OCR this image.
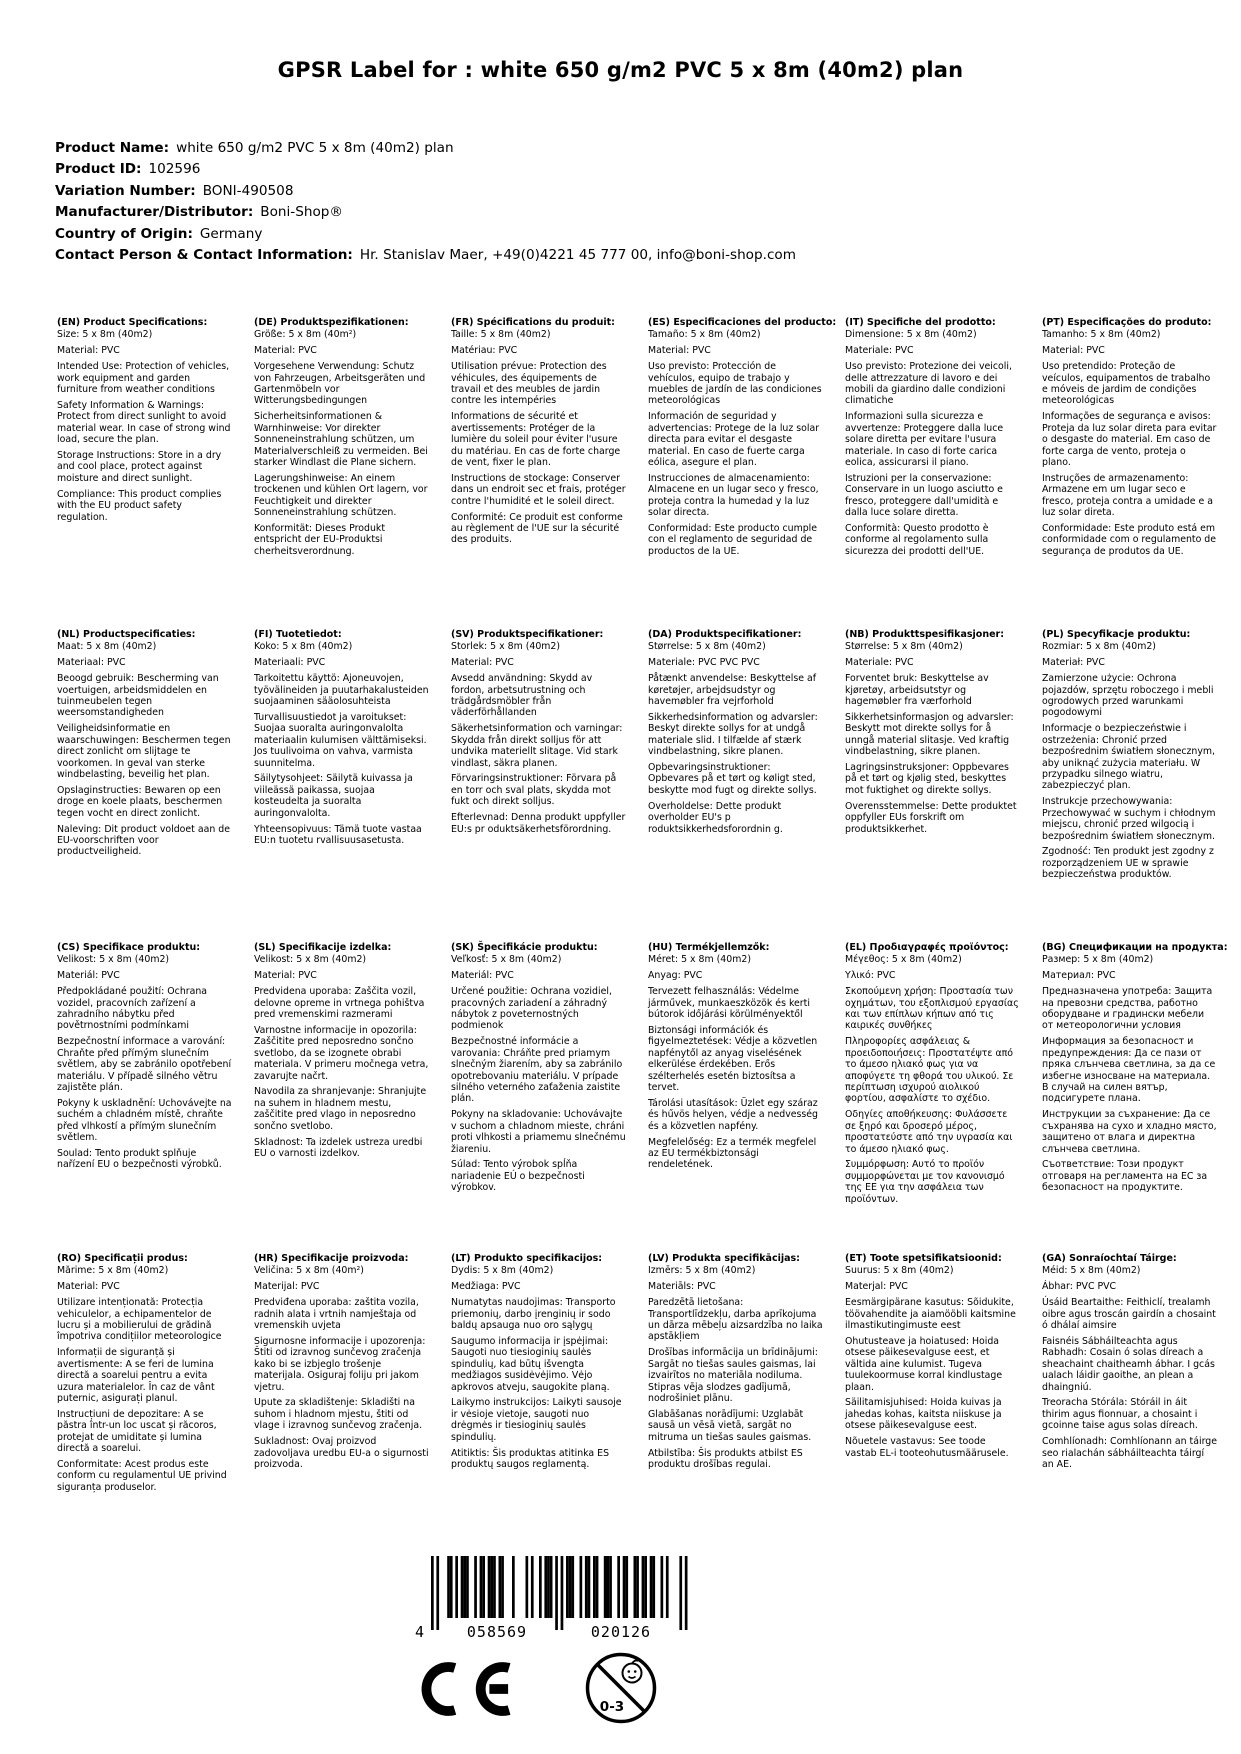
GPSR Label for : white 650 g/m2 PVC 5 x 8m (40m2) plan
Product Name: white 650 g/m2 PVC 5 x 8m (40m2) plan
Product ID: 102596
Variation Number: BONI-490508
Manufacturer/Distributor: Boni-Shop®
Country of Origin: Germany
Contact Person & Contact Information: Hr. Stanislav Maer, +49(0)4221 45 777 00, info@boni-shop.com
(EN) Product Specifications:

Size: 5 x 8m (40m2)

Material: PVC

Intended Use: Protection of vehicles, work equipment and garden furniture from weather conditions

Safety Information & Warnings: Protect from direct sunlight to avoid material wear. In case of strong wind load, secure the plan.

Storage Instructions: Store in a dry and cool place, protect against moisture and direct sunlight.

Compliance: This product complies with the EU product safety regulation.

(DE) Produktspezifikationen:

Größe: 5 x 8m (40m²)

Material: PVC

Vorgesehene Verwendung: Schutz von Fahrzeugen, Arbeitsgeräten und Gartenmöbeln vor Witterungsbedingungen

Sicherheitsinformationen & Warnhinweise: Vor direkter Sonneneinstrahlung schützen, um Materialverschleiß zu vermeiden. Bei starker Windlast die Plane sichern.

Lagerungshinweise: An einem trockenen und kühlen Ort lagern, vor Feuchtigkeit und direkter Sonneneinstrahlung schützen.

Konformität: Dieses Produkt entspricht der EU-Produktsi cherheitsverordnung.

(FR) Spécifications du produit:

Taille: 5 x 8m (40m2)

Matériau: PVC

Utilisation prévue: Protection des véhicules, des équipements de travail et des meubles de jardin contre les intempéries

Informations de sécurité et avertissements: Protéger de la lumière du soleil pour éviter l'usure du matériau. En cas de forte charge de vent, fixer le plan.

Instructions de stockage: Conserver dans un endroit sec et frais, protéger contre l'humidité et le soleil direct.

Conformité: Ce produit est conforme au règlement de l'UE sur la sécurité des produits.

(ES) Especificaciones del producto:

Tamaño: 5 x 8m (40m2)

Material: PVC

Uso previsto: Protección de vehículos, equipo de trabajo y muebles de jardín de las condiciones meteorológicas

Información de seguridad y advertencias: Protege de la luz solar directa para evitar el desgaste material. En caso de fuerte carga eólica, asegure el plan.

Instrucciones de almacenamiento: Almacene en un lugar seco y fresco, proteja contra la humedad y la luz solar directa.

Conformidad: Este producto cumple con el reglamento de seguridad de productos de la UE.

(IT) Specifiche del prodotto:

Dimensione: 5 x 8m (40m2)

Materiale: PVC

Uso previsto: Protezione dei veicoli, delle attrezzature di lavoro e dei mobili da giardino dalle condizioni climatiche

Informazioni sulla sicurezza e avvertenze: Proteggere dalla luce solare diretta per evitare l'usura materiale. In caso di forte carica eolica, assicurarsi il piano.

Istruzioni per la conservazione: Conservare in un luogo asciutto e fresco, proteggere dall'umidità e dalla luce solare diretta.

Conformità: Questo prodotto è conforme al regolamento sulla sicurezza dei prodotti dell'UE.

(PT) Especificações do produto:

Tamanho: 5 x 8m (40m2)

Material: PVC

Uso pretendido: Proteção de veículos, equipamentos de trabalho e móveis de jardim de condições meteorológicas

Informações de segurança e avisos: Proteja da luz solar direta para evitar o desgaste do material. Em caso de forte carga de vento, proteja o plano.

Instruções de armazenamento: Armazene em um lugar seco e fresco, proteja contra a umidade e a luz solar direta.

Conformidade: Este produto está em conformidade com o regulamento de segurança de produtos da UE.

(NL) Productspecificaties:

Maat: 5 x 8m (40m2)

Materiaal: PVC

Beoogd gebruik: Bescherming van voertuigen, arbeidsmiddelen en tuinmeubelen tegen weersomstandigheden

Veiligheidsinformatie en waarschuwingen: Beschermen tegen direct zonlicht om slijtage te voorkomen. In geval van sterke windbelasting, beveilig het plan.

Opslaginstructies: Bewaren op een droge en koele plaats, beschermen tegen vocht en direct zonlicht.

Naleving: Dit product voldoet aan de EU-voorschriften voor productveiligheid.

(FI) Tuotetiedot:

Koko: 5 x 8m (40m2)

Materiaali: PVC

Tarkoitettu käyttö: Ajoneuvojen, työvälineiden ja puutarhakalusteiden suojaaminen sääolosuhteista

Turvallisuustiedot ja varoitukset: Suojaa suoralta auringonvalolta materiaalin kulumisen välttämiseksi. Jos tuulivoima on vahva, varmista suunnitelma.

Säilytysohjeet: Säilytä kuivassa ja viileässä paikassa, suojaa kosteudelta ja suoralta auringonvalolta.

Yhteensopivuus: Tämä tuote vastaa EU:n tuotetu rvallisuusasetusta.

(SV) Produktspecifikationer:

Storlek: 5 x 8m (40m2)

Material: PVC

Avsedd användning: Skydd av fordon, arbetsutrustning och trädgårdsmöbler från väderförhållanden

Säkerhetsinformation och varningar: Skydda från direkt solljus för att undvika materiellt slitage. Vid stark vindlast, säkra planen.

Förvaringsinstruktioner: Förvara på en torr och sval plats, skydda mot fukt och direkt solljus.

Efterlevnad: Denna produkt uppfyller EU:s pr oduktsäkerhetsförordning.

(DA) Produktspecifikationer:

Størrelse: 5 x 8m (40m2)

Materiale: PVC PVC PVC

Påtænkt anvendelse: Beskyttelse af køretøjer, arbejdsudstyr og havemøbler fra vejrforhold

Sikkerhedsinformation og advarsler: Beskyt direkte sollys for at undgå materiale slid. I tilfælde af stærk vindbelastning, sikre planen.

Opbevaringsinstruktioner: Opbevares på et tørt og køligt sted, beskytte mod fugt og direkte sollys.

Overholdelse: Dette produkt overholder EU's p roduktsikkerhedsforordnin g.

(NB) Produkttspesifikasjoner:

Størrelse: 5 x 8m (40m2)

Materiale: PVC

Forventet bruk: Beskyttelse av kjøretøy, arbeidsutstyr og hagemøbler fra værforhold

Sikkerhetsinformasjon og advarsler: Beskytt mot direkte sollys for å unngå material slitasje. Ved kraftig vindbelastning, sikre planen.

Lagringsinstruksjoner: Oppbevares på et tørt og kjølig sted, beskyttes mot fuktighet og direkte sollys.

Overensstemmelse: Dette produktet oppfyller EUs forskrift om produktsikkerhet.

(PL) Specyfikacje produktu:

Rozmiar: 5 x 8m (40m2)

Materiał: PVC

Zamierzone użycie: Ochrona pojazdów, sprzętu roboczego i mebli ogrodowych przed warunkami pogodowymi

Informacje o bezpieczeństwie i ostrzeżenia: Chronić przed bezpośrednim światłem słonecznym, aby uniknąć zużycia materiału. W przypadku silnego wiatru, zabezpieczyć plan.

Instrukcje przechowywania: Przechowywać w suchym i chłodnym miejscu, chronić przed wilgocią i bezpośrednim światłem słonecznym.

Zgodność: Ten produkt jest zgodny z rozporządzeniem UE w sprawie bezpieczeństwa produktów.

(CS) Specifikace produktu:

Velikost: 5 x 8m (40m2)

Materiál: PVC

Předpokládané použití: Ochrana vozidel, pracovních zařízení a zahradního nábytku před povětrnostními podmínkami

Bezpečnostní informace a varování: Chraňte před přímým slunečním světlem, aby se zabránilo opotřebení materiálu. V případě silného větru zajistěte plán.

Pokyny k uskladnění: Uchovávejte na suchém a chladném místě, chraňte před vlhkostí a přímým slunečním světlem.

Soulad: Tento produkt splňuje nařízení EU o bezpečnosti výrobků.

(SL) Specifikacije izdelka:

Velikost: 5 x 8m (40m2)

Material: PVC

Predvidena uporaba: Zaščita vozil, delovne opreme in vrtnega pohištva pred vremenskimi razmerami

Varnostne informacije in opozorila: Zaščitite pred neposredno sončno svetlobo, da se izognete obrabi materiala. V primeru močnega vetra, zavarujte načrt.

Navodila za shranjevanje: Shranjujte na suhem in hladnem mestu, zaščitite pred vlago in neposredno sončno svetlobo.

Skladnost: Ta izdelek ustreza uredbi EU o varnosti izdelkov.

(SK) Špecifikácie produktu:

Veľkosť: 5 x 8m (40m2)

Materiál: PVC

Určené použitie: Ochrana vozidiel, pracovných zariadení a záhradný nábytok z poveternostných podmienok

Bezpečnostné informácie a varovania: Chráňte pred priamym slnečným žiarením, aby sa zabránilo opotrebovaniu materiálu. V prípade silného veterného zaťaženia zaistite plán.

Pokyny na skladovanie: Uchovávajte v suchom a chladnom mieste, chráni proti vlhkosti a priamemu slnečnému žiareniu.

Súlad: Tento výrobok spĺňa nariadenie EÚ o bezpečnosti výrobkov.

(HU) Termékjellemzők:

Méret: 5 x 8m (40m2)

Anyag: PVC

Tervezett felhasználás: Védelme járművek, munkaeszközök és kerti bútorok időjárási körülményektől

Biztonsági információk és figyelmeztetések: Védje a közvetlen napfénytől az anyag viselésének elkerülése érdekében. Erős szélterhelés esetén biztosítsa a tervet.

Tárolási utasítások: Üzlet egy száraz és hűvös helyen, védje a nedvesség és a közvetlen napfény.

Megfelelőség: Ez a termék megfelel az EU termékbiztonsági rendeletének.

(EL) Προδιαγραφές προϊόντος:

Μέγεθος: 5 x 8m (40m2)

Υλικό: PVC

Σκοπούμενη χρήση: Προστασία των οχημάτων, του εξοπλισμού εργασίας και των επίπλων κήπων από τις καιρικές συνθήκες

Πληροφορίες ασφάλειας & προειδοποιήσεις: Προστατέψτε από το άμεσο ηλιακό φως για να αποφύγετε τη φθορά του υλικού. Σε περίπτωση ισχυρού αιολικού φορτίου, ασφαλίστε το σχέδιο.

Οδηγίες αποθήκευσης: Φυλάσσετε σε ξηρό και δροσερό μέρος, προστατεύστε από την υγρασία και το άμεσο ηλιακό φως.

Συμμόρφωση: Αυτό το προϊόν συμμορφώνεται με τον κανονισμό της ΕΕ για την ασφάλεια των προϊόντων.

(BG) Спецификации на продукта:

Размер: 5 x 8m (40m2)

Материал: PVC

Предназначена употреба: Защита на превозни средства, работно оборудване и градински мебели от метеорологични условия

Информация за безопасност и предупреждения: Да се пази от пряка слънчева светлина, за да се избегне износване на материала. В случай на силен вятър, подсигурете плана.

Инструкции за съхранение: Да се съхранява на сухо и хладно място, защитено от влага и директна слънчева светлина.

Съответствие: Този продукт отговаря на регламента на ЕС за безопасност на продуктите.

(RO) Specificații produs:

Mărime: 5 x 8m (40m2)

Material: PVC

Utilizare intenționată: Protecția vehiculelor, a echipamentelor de lucru și a mobilierului de grădină împotriva condițiilor meteorologice

Informații de siguranță și avertismente: A se feri de lumina directă a soarelui pentru a evita uzura materialelor. În caz de vânt puternic, asigurați planul.

Instrucțiuni de depozitare: A se păstra într-un loc uscat și răcoros, protejat de umiditate și lumina directă a soarelui.

Conformitate: Acest produs este conform cu regulamentul UE privind siguranța produselor.

(HR) Specifikacije proizvoda:

Veličina: 5 x 8m (40m²)

Materijal: PVC

Predviđena uporaba: zaštita vozila, radnih alata i vrtnih namještaja od vremenskih uvjeta

Sigurnosne informacije i upozorenja: Štiti od izravnog sunčevog zračenja kako bi se izbjeglo trošenje materijala. Osiguraj foliju pri jakom vjetru.

Upute za skladištenje: Skladišti na suhom i hladnom mjestu, štiti od vlage i izravnog sunčevog zračenja.

Sukladnost: Ovaj proizvod zadovoljava uredbu EU-a o sigurnosti proizvoda.

(LT) Produkto specifikacijos:

Dydis: 5 x 8m (40m2)

Medžiaga: PVC

Numatytas naudojimas: Transporto priemonių, darbo įrenginių ir sodo baldų apsauga nuo oro sąlygų

Saugumo informacija ir įspėjimai: Saugoti nuo tiesioginių saulės spindulių, kad būtų išvengta medžiagos susidėvėjimo. Vėjo apkrovos atveju, saugokite planą.

Laikymo instrukcijos: Laikyti sausoje ir vėsioje vietoje, saugoti nuo drėgmės ir tiesioginių saulės spindulių.

Atitiktis: Šis produktas atitinka ES produktų saugos reglamentą.

(LV) Produkta specifikācijas:

Izmērs: 5 x 8m (40m2)

Materiāls: PVC

Paredzētā lietošana: Transportlīdzekļu, darba aprīkojuma un dārza mēbeļu aizsardzība no laika apstākļiem

Drošības informācija un brīdinājumi: Sargāt no tiešas saules gaismas, lai izvairītos no materiāla nodiluma. Stipras vēja slodzes gadījumā, nodrošiniet plānu.

Glabāšanas norādījumi: Uzglabāt sausā un vēsā vietā, sargāt no mitruma un tiešas saules gaismas.

Atbilstība: Šis produkts atbilst ES produktu drošības regulai.

(ET) Toote spetsifikatsioonid:

Suurus: 5 x 8m (40m2)

Materjal: PVC

Eesmärgipärane kasutus: Sõidukite, töövahendite ja aiamööbli kaitsmine ilmastikutingimuste eest

Ohutusteave ja hoiatused: Hoida otsese päikesevalguse eest, et vältida aine kulumist. Tugeva tuulekoormuse korral kindlustage plaan.

Säilitamisjuhised: Hoida kuivas ja jahedas kohas, kaitsta niiskuse ja otsese päikesevalguse eest.

Nõuetele vastavus: See toode vastab EL-i tooteohutusmäärusele.

(GA) Sonraíochtaí Táirge:

Méid: 5 x 8m (40m2)

Ábhar: PVC PVC

Úsáid Beartaithe: Feithiclí, trealamh oibre agus troscán gairdín a chosaint ó dhálaí aimsire

Faisnéis Sábháilteachta agus Rabhadh: Cosain ó solas díreach a sheachaint chaitheamh ábhar. I gcás ualach láidir gaoithe, an plean a dhaingniú.

Treoracha Stórála: Stóráil in áit thirim agus fionnuar, a chosaint i gcoinne taise agus solas díreach.

Comhlíonadh: Comhlíonann an táirge seo rialachán sábháilteachta táirgí an AE.

4	058569	020126
0-3
